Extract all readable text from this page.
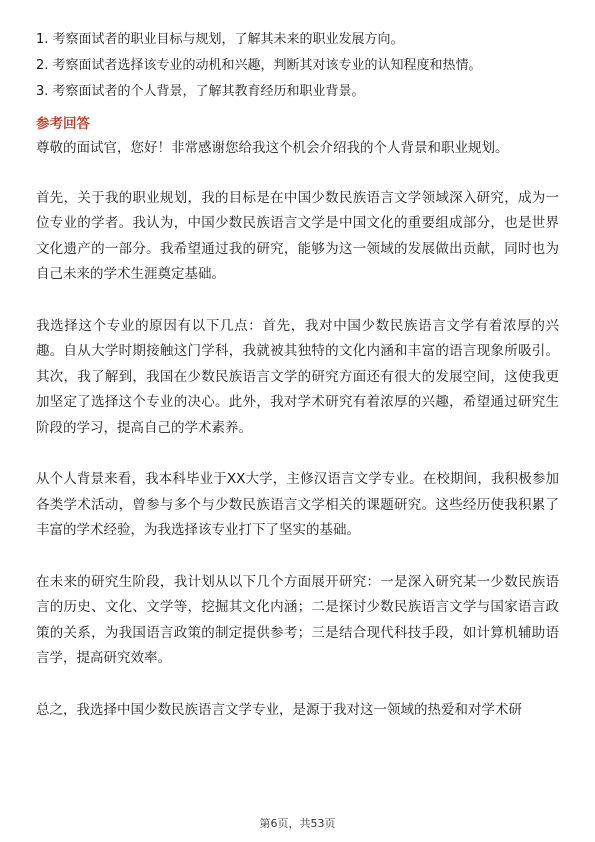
1. 考察面试者的职业目标与规划，了解其未来的职业发展方向。
2. 考察面试者选择该专业的动机和兴趣，判断其对该专业的认知程度和热情。
3. 考察面试者的个人背景，了解其教育经历和职业背景。
参考回答

尊敬的面试官，您好！非常感谢您给我这个机会介绍我的个人背景和职业规划。

首先，关于我的职业规划，我的目标是在中国少数民族语言文学领域深入研究，成为一位专业的学者。我认为，中国少数民族语言文学是中国文化的重要组成部分，也是世界文化遗产的一部分。我希望通过我的研究，能够为这一领域的发展做出贡献，同时也为自己未来的学术生涯奠定基础。

我选择这个专业的原因有以下几点：首先，我对中国少数民族语言文学有着浓厚的兴趣。自从大学时期接触这门学科，我就被其独特的文化内涵和丰富的语言现象所吸引。其次，我了解到，我国在少数民族语言文学的研究方面还有很大的发展空间，这使我更加坚定了选择这个专业的决心。此外，我对学术研究有着浓厚的兴趣，希望通过研究生阶段的学习，提高自己的学术素养。

从个人背景来看，我本科毕业于XX大学，主修汉语言文学专业。在校期间，我积极参加各类学术活动，曾参与多个与少数民族语言文学相关的课题研究。这些经历使我积累了丰富的学术经验，为我选择该专业打下了坚实的基础。

在未来的研究生阶段，我计划从以下几个方面展开研究：一是深入研究某一少数民族语言的历史、文化、文学等，挖掘其文化内涵；二是探讨少数民族语言文学与国家语言政策的关系，为我国语言政策的制定提供参考；三是结合现代科技手段，如计算机辅助语言学，提高研究效率。

总之，我选择中国少数民族语言文学专业，是源于我对这一领域的热爱和对学术研

第6页，共53页
